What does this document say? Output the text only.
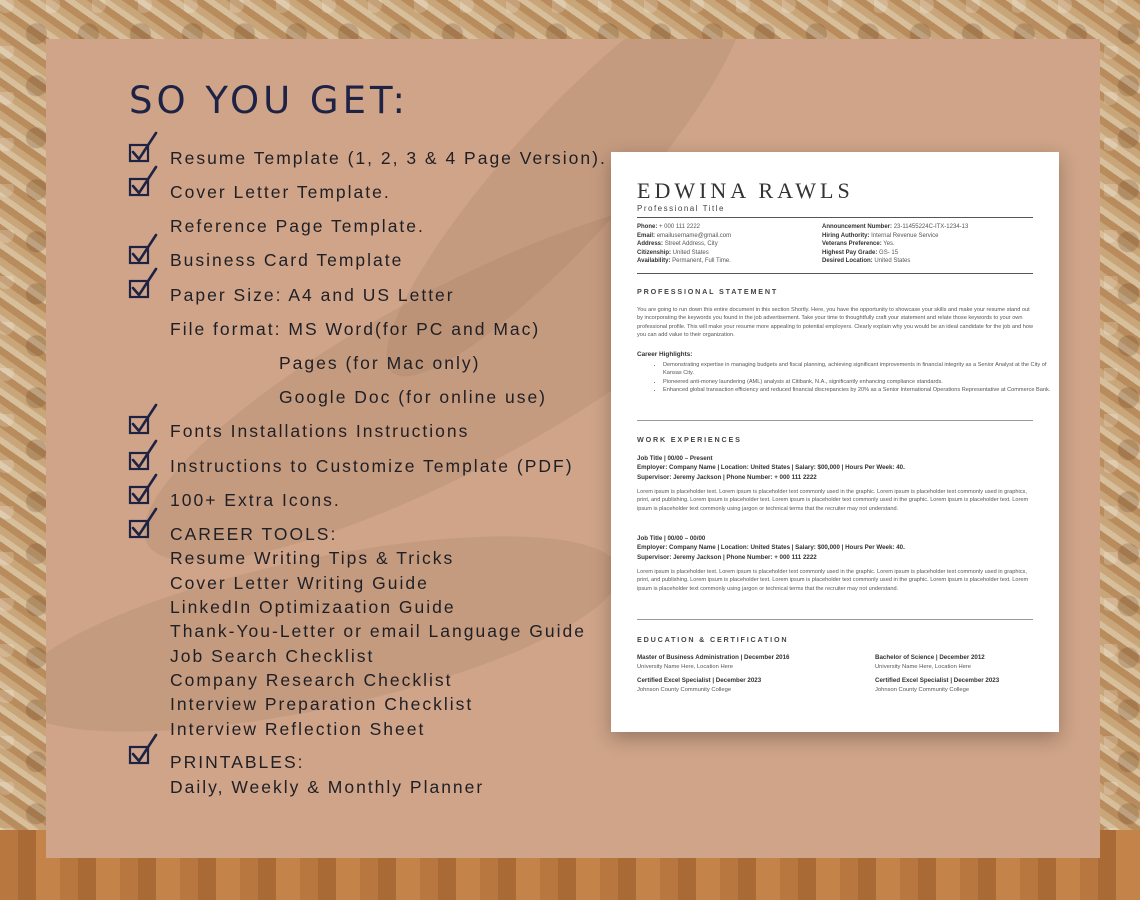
SO YOU GET:

Resume Template (1, 2, 3 & 4 Page Version).

Cover Letter Template.

Reference Page Template.

Business Card Template

Paper Size: A4 and US Letter

File format: MS Word(for PC and Mac)

Pages (for Mac only)

Google Doc (for online use)

Fonts Installations Instructions

Instructions to Customize Template (PDF)

100+ Extra Icons.

CAREER TOOLS:

Resume Writing Tips & Tricks

Cover Letter Writing Guide

LinkedIn Optimizaation Guide

Thank-You-Letter or email Language Guide

Job Search Checklist

Company Research Checklist

Interview Preparation Checklist

Interview Reflection Sheet

PRINTABLES:

Daily, Weekly & Monthly Planner

EDWINA RAWLS
Professional Title
Phone: + 000 111 2222
Email: emailusername@gmail.com
Address: Street Address, City
Citizenship: United States
Availability: Permanent, Full Time.
Announcement Number: 23-11455224C-ITX-1234-13
Hiring Authority: Internal Revenue Service
Veterans Preference: Yes.
Highest Pay Grade: GS- 15
Desired Location: United States
PROFESSIONAL STATEMENT
You are going to run down this entire document in this section Shortly. Here, you have the opportunity to showcase your skills and make your resume stand out by incorporating the keywords you found in the job advertisement. Take your time to thoughtfully craft your statement and relate those keywords to your own professional profile. This will make your resume more appealing to potential employers. Clearly explain why you would be an ideal candidate for the job and how you can add value to their organization.
Career Highlights:
• Demonstrating expertise in managing budgets and fiscal planning, achieving significant improvements in financial integrity as a Senior Analyst at the City of Kansas City.
• Pioneered anti-money laundering (AML) analysis at Citibank, N.A., significantly enhancing compliance standards.
• Enhanced global transaction efficiency and reduced financial discrepancies by 20% as a Senior International Operations Representative at Commerce Bank.
WORK EXPERIENCES
Job Title | 00/00 – Present
Employer: Company Name | Location: United States | Salary: $00,000 | Hours Per Week: 40.
Supervisor: Jeremy Jackson | Phone Number: + 000 111 2222
Lorem ipsum is placeholder text. Lorem ipsum is placeholder text commonly used in the graphic. Lorem ipsum is placeholder text commonly used in graphics, print, and publishing. Lorem ipsum is placeholder text. Lorem ipsum is placeholder text commonly used in the graphic. Lorem ipsum is placeholder text. Lorem ipsum is placeholder text commonly using jargon or technical terms that the recruiter may not understand.
Job Title | 00/00 – 00/00
Employer: Company Name | Location: United States | Salary: $00,000 | Hours Per Week: 40.
Supervisor: Jeremy Jackson | Phone Number: + 000 111 2222
Lorem ipsum is placeholder text. Lorem ipsum is placeholder text commonly used in the graphic. Lorem ipsum is placeholder text commonly used in graphics, print, and publishing. Lorem ipsum is placeholder text. Lorem ipsum is placeholder text commonly used in the graphic. Lorem ipsum is placeholder text. Lorem ipsum is placeholder text commonly using jargon or technical terms that the recruiter may not understand.
EDUCATION & CERTIFICATION
Master of Business Administration | December 2016
University Name Here, Location Here
Bachelor of Science | December 2012
University Name Here, Location Here
Certified Excel Specialist | December 2023
Johnson County Community College
Certified Excel Specialist | December 2023
Johnson County Community College
